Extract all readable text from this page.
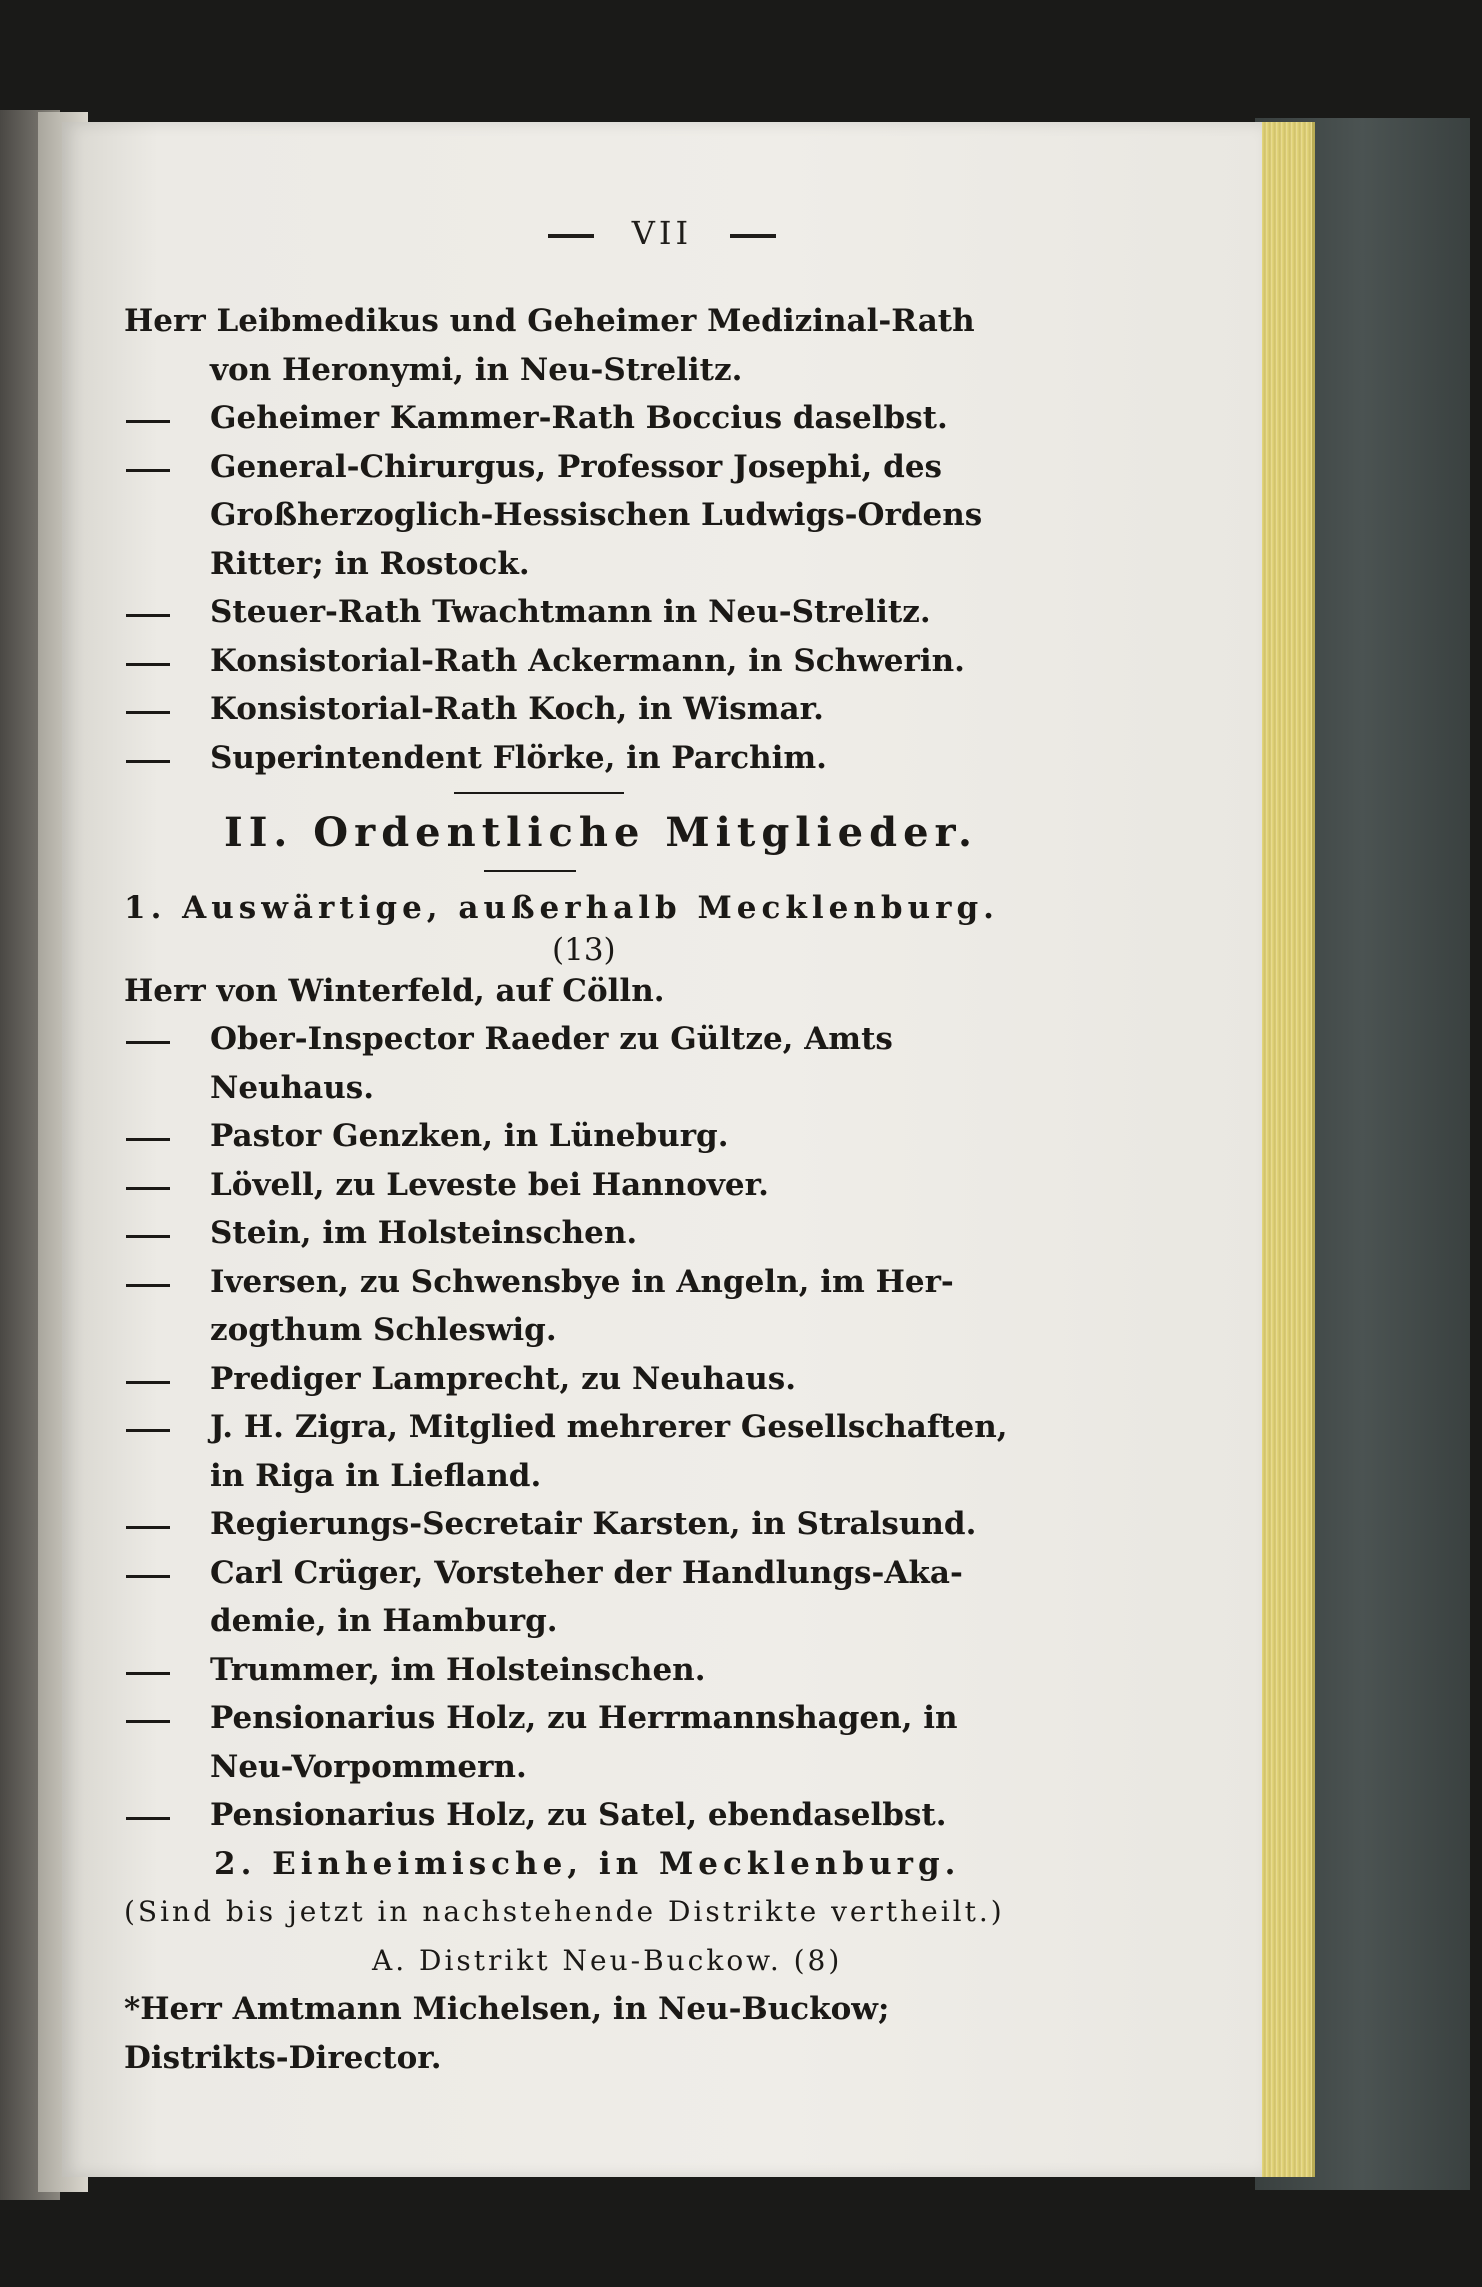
VII
Herr Leibmedikus und Geheimer Medizinal-Rath
von Heronymi, in Neu-Strelitz.
Geheimer Kammer-Rath Boccius daselbst.
General-Chirurgus, Professor Josephi, des
Großherzoglich-Hessischen Ludwigs-Ordens
Ritter; in Rostock.
Steuer-Rath Twachtmann in Neu-Strelitz.
Konsistorial-Rath Ackermann, in Schwerin.
Konsistorial-Rath Koch, in Wismar.
Superintendent Flörke, in Parchim.
II. Ordentliche Mitglieder.
1. Auswärtige, außerhalb Mecklenburg.
(13)
Herr von Winterfeld, auf Cölln.
Ober-Inspector Raeder zu Gültze, Amts
Neuhaus.
Pastor Genzken, in Lüneburg.
Lövell, zu Leveste bei Hannover.
Stein, im Holsteinschen.
Iversen, zu Schwensbye in Angeln, im Her-
zogthum Schleswig.
Prediger Lamprecht, zu Neuhaus.
J. H. Zigra, Mitglied mehrerer Gesellschaften,
in Riga in Liefland.
Regierungs-Secretair Karsten, in Stralsund.
Carl Crüger, Vorsteher der Handlungs-Aka-
demie, in Hamburg.
Trummer, im Holsteinschen.
Pensionarius Holz, zu Herrmannshagen, in
Neu-Vorpommern.
Pensionarius Holz, zu Satel, ebendaselbst.
2. Einheimische, in Mecklenburg.
(Sind bis jetzt in nachstehende Distrikte vertheilt.)
A. Distrikt Neu-Buckow. (8)
*Herr Amtmann Michelsen, in Neu-Buckow;
Distrikts-Director.
